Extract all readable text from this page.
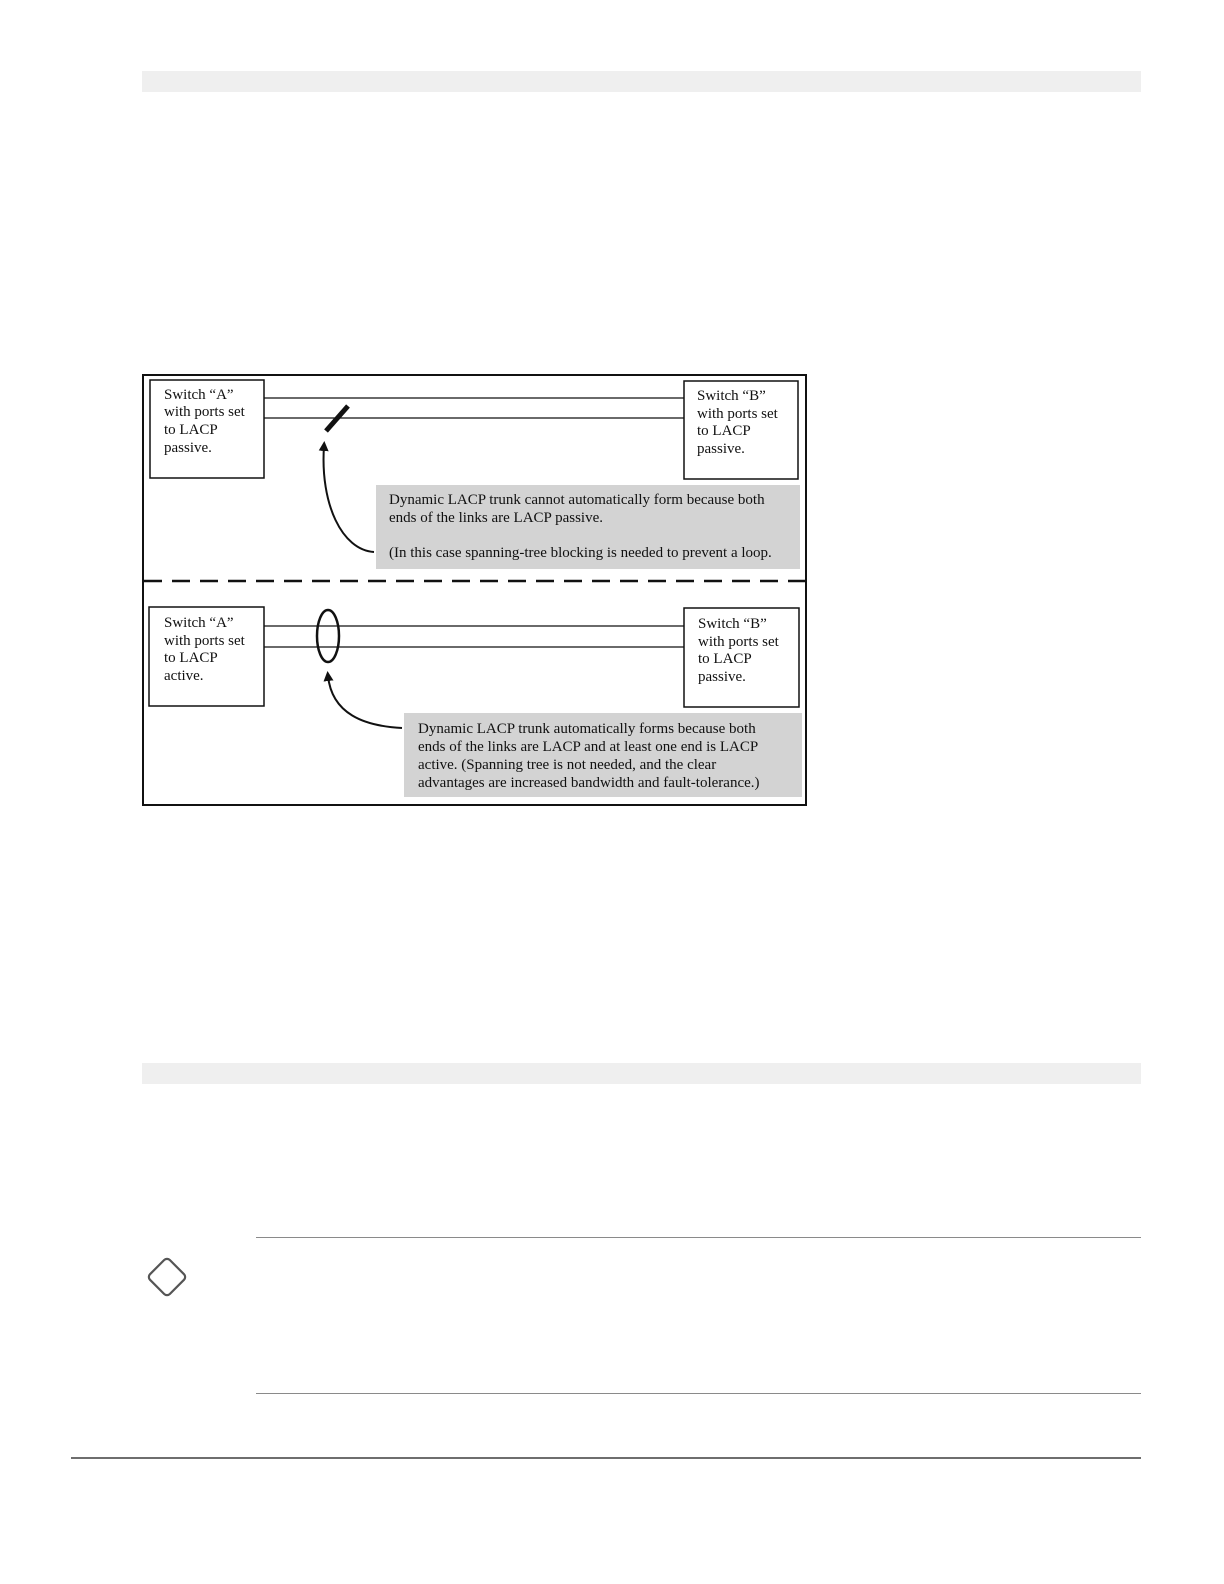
Switch “A” with ports set to LACP passive.
Switch “B” with ports set to LACP passive.
Dynamic LACP trunk cannot automatically form because both ends of the links are LACP passive. (In this case spanning-tree blocking is needed to prevent a loop.
Switch “A” with ports set to LACP active.
Switch “B” with ports set to LACP passive.
Dynamic LACP trunk automatically forms because both ends of the links are LACP and at least one end is LACP active. (Spanning tree is not needed, and the clear advantages are increased bandwidth and fault-tolerance.)
